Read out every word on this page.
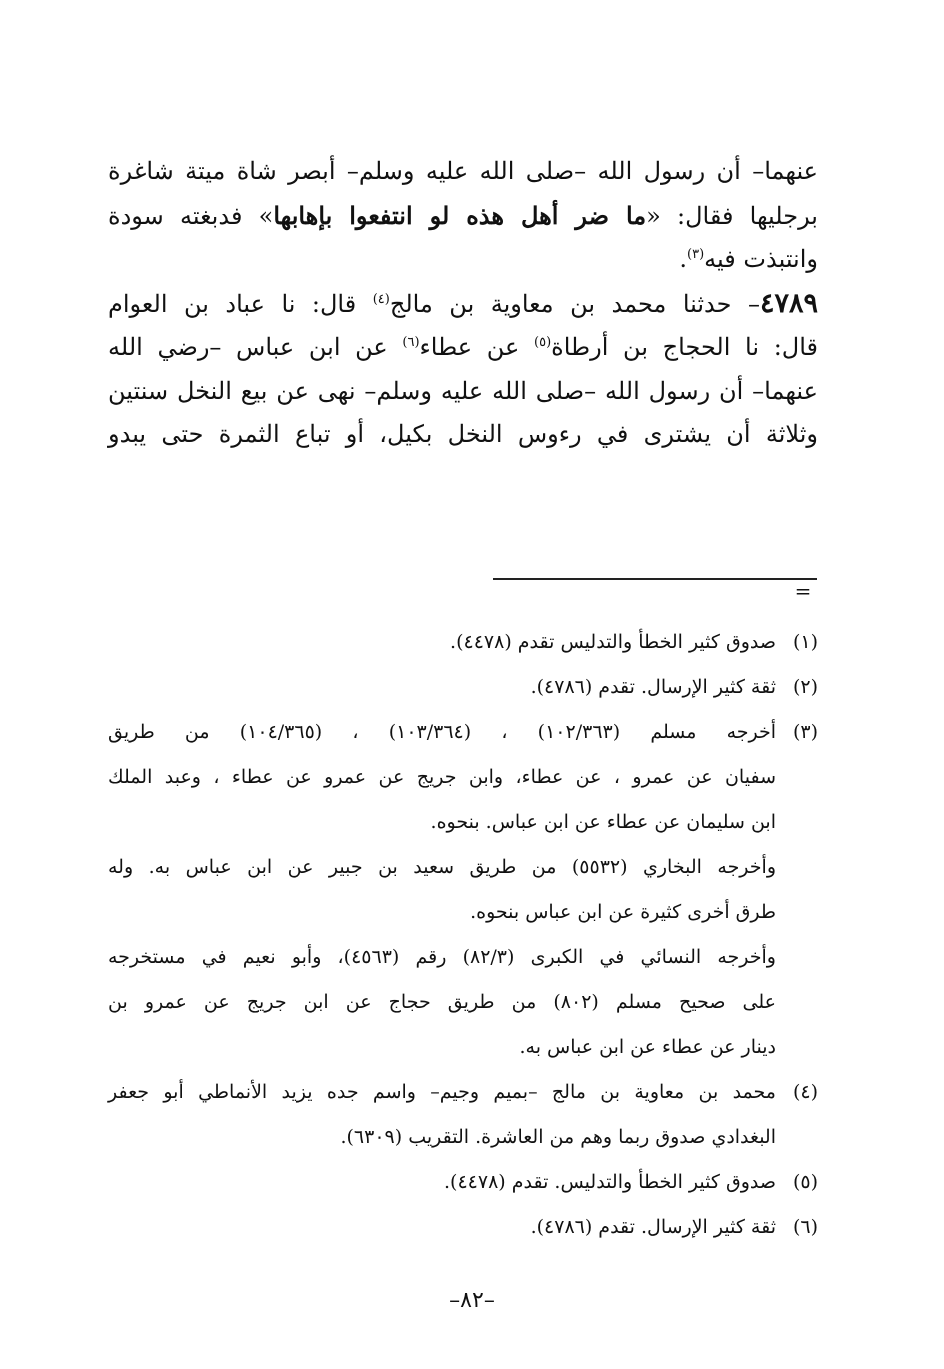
عنهما– أن رسول الله –صلى الله عليه وسلم– أبصر شاة ميتة شاغرة
برجليها فقال: «ما ضر أهل هذه لو انتفعوا بإهابها» فدبغته سودة

وانتبذت فيه$^{(٣)}$.

٤٧٨٩– حدثنا محمد بن معاوية بن مالج$^{(٤)}$ قال: نا عباد بن العوام
قال: نا الحجاج بن أرطاة$^{(٥)}$ عن عطاء$^{(٦)}$ عن ابن عباس –رضي الله
عنهما– أن رسول الله –صلى الله عليه وسلم– نهى عن بيع النخل سنتين
وثلاثة أن يشترى في رءوس النخل بكيل، أو تباع الثمرة حتى يبدو

=
(١)
صدوق كثير الخطأ والتدليس تقدم (٤٤٧٨).
(٢)
ثقة كثير الإرسال. تقدم (٤٧٨٦).
(٣)
أخرجه مسلم (١٠٢/٣٦٣) ، (١٠٣/٣٦٤) ، (١٠٤/٣٦٥) من طريق
سفيان عن عمرو ، عن عطاء، وابن جريج عن عمرو عن عطاء ، وعبد الملك
ابن سليمان عن عطاء عن ابن عباس. بنحوه.
وأخرجه البخاري (٥٥٣٢) من طريق سعيد بن جبير عن ابن عباس به. وله
طرق أخرى كثيرة عن ابن عباس بنحوه.
وأخرجه النسائي في الكبرى (٨٢/٣) رقم (٤٥٦٣)، وأبو نعيم في مستخرجه
على صحيح مسلم (٨٠٢) من طريق حجاج عن ابن جريج عن عمرو بن
دينار عن عطاء عن ابن عباس به.
(٤)
محمد بن معاوية بن مالج –بميم وجيم– واسم جده يزيد الأنماطي أبو جعفر
البغدادي صدوق ربما وهم من العاشرة. التقريب (٦٣٠٩).
(٥)
صدوق كثير الخطأ والتدليس. تقدم (٤٤٧٨).
(٦)
ثقة كثير الإرسال. تقدم (٤٧٨٦).
–٨٢–
